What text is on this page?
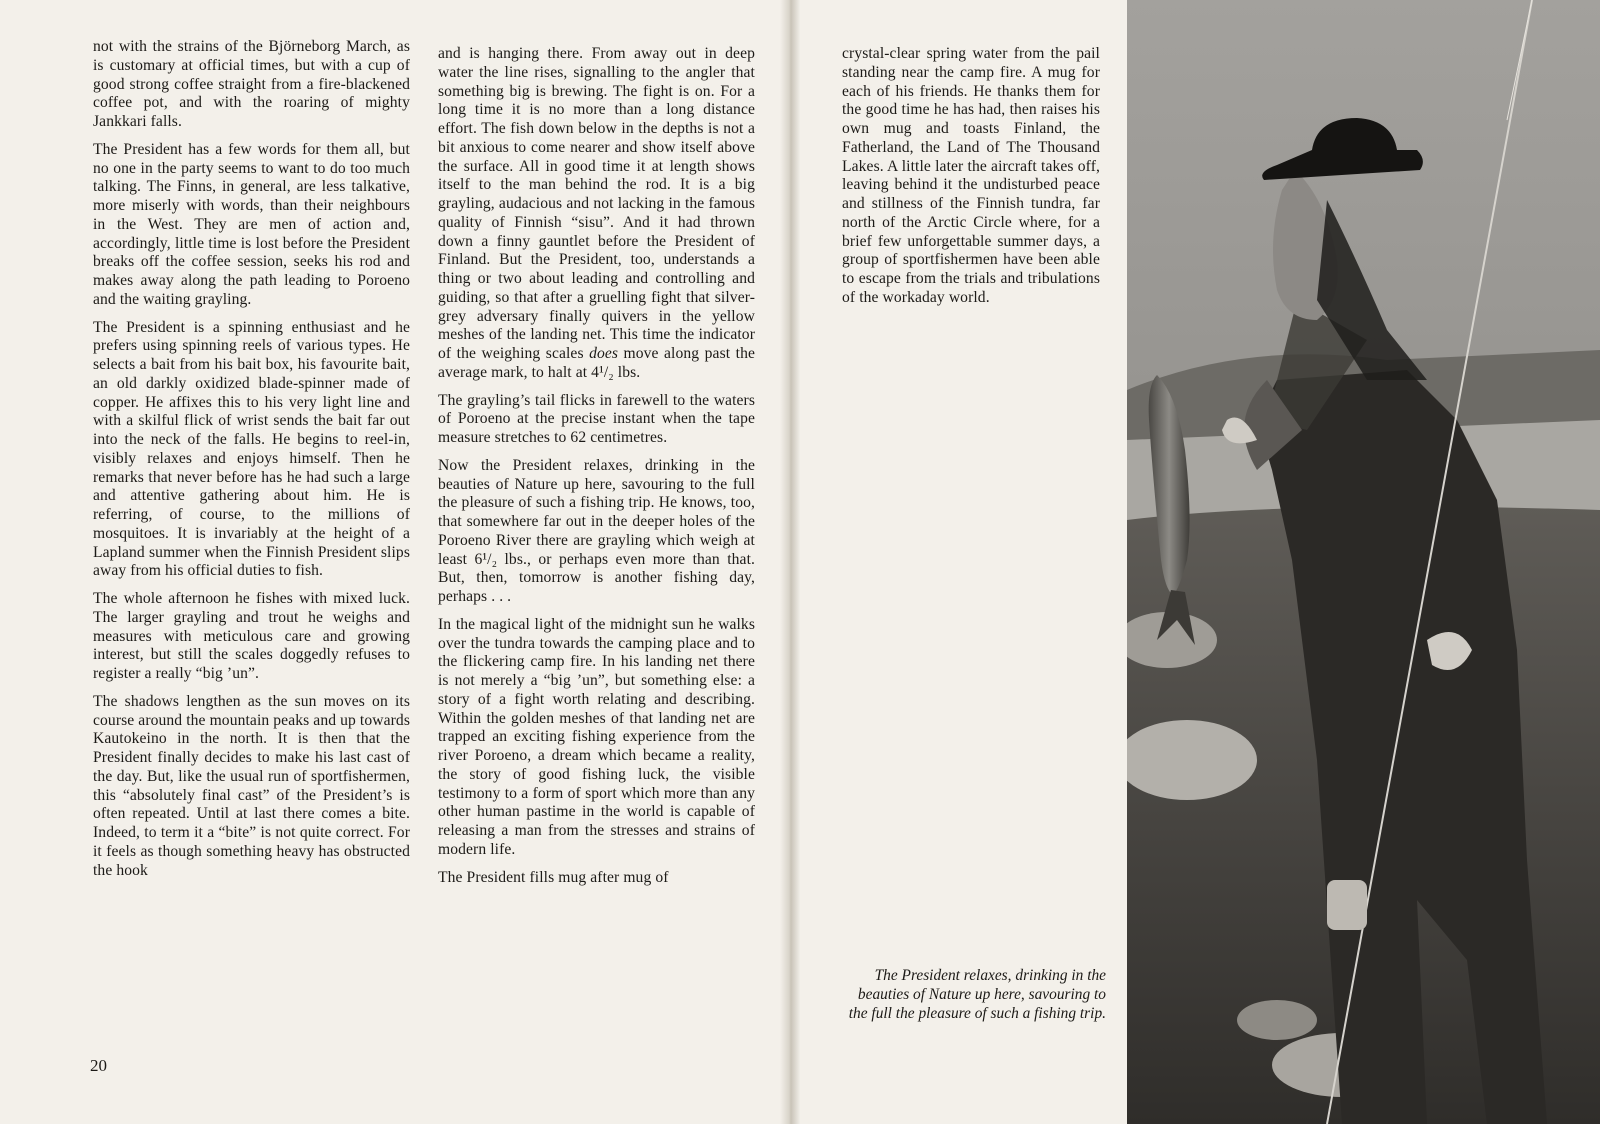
not with the strains of the Björneborg March, as is customary at official times, but with a cup of good strong coffee straight from a fire-blackened coffee pot, and with the roaring of mighty Jankkari falls.

The President has a few words for them all, but no one in the party seems to want to do too much talking. The Finns, in general, are less talkative, more miserly with words, than their neighbours in the West. They are men of action and, accordingly, little time is lost before the President breaks off the coffee session, seeks his rod and makes away along the path leading to Poroeno and the waiting grayling.

The President is a spinning enthusiast and he prefers using spinning reels of various types. He selects a bait from his bait box, his favourite bait, an old darkly oxidized blade-spinner made of copper. He affixes this to his very light line and with a skilful flick of wrist sends the bait far out into the neck of the falls. He begins to reel-in, visibly relaxes and enjoys himself. Then he remarks that never before has he had such a large and attentive gathering about him. He is referring, of course, to the millions of mosquitoes. It is invariably at the height of a Lapland summer when the Finnish President slips away from his official duties to fish.

The whole afternoon he fishes with mixed luck. The larger grayling and trout he weighs and measures with meticulous care and growing interest, but still the scales doggedly refuses to register a really “big ’un”.

The shadows lengthen as the sun moves on its course around the mountain peaks and up towards Kautokeino in the north. It is then that the President finally decides to make his last cast of the day. But, like the usual run of sportfishermen, this “absolutely final cast” of the President’s is often repeated. Until at last there comes a bite. Indeed, to term it a “bite” is not quite correct. For it feels as though something heavy has obstructed the hook

and is hanging there. From away out in deep water the line rises, signalling to the angler that something big is brewing. The fight is on. For a long time it is no more than a long distance effort. The fish down below in the depths is not a bit anxious to come nearer and show itself above the surface. All in good time it at length shows itself to the man behind the rod. It is a big grayling, audacious and not lacking in the famous quality of Finnish “sisu”. And it had thrown down a finny gauntlet before the President of Finland. But the President, too, understands a thing or two about leading and controlling and guiding, so that after a gruelling fight that silver-grey adversary finally quivers in the yellow meshes of the landing net. This time the indicator of the weighing scales does move along past the average mark, to halt at 4¹/₂ lbs.

The grayling’s tail flicks in farewell to the waters of Poroeno at the precise instant when the tape measure stretches to 62 centimetres.

Now the President relaxes, drinking in the beauties of Nature up here, savouring to the full the pleasure of such a fishing trip. He knows, too, that somewhere far out in the deeper holes of the Poroeno River there are grayling which weigh at least 6¹/₂ lbs., or perhaps even more than that. But, then, tomorrow is another fishing day, perhaps . . .

In the magical light of the midnight sun he walks over the tundra towards the camping place and to the flickering camp fire. In his landing net there is not merely a “big ’un”, but something else: a story of a fight worth relating and describing. Within the golden meshes of that landing net are trapped an exciting fishing experience from the river Poroeno, a dream which became a reality, the story of good fishing luck, the visible testimony to a form of sport which more than any other human pastime in the world is capable of releasing a man from the stresses and strains of modern life.

The President fills mug after mug of

20

crystal-clear spring water from the pail standing near the camp fire. A mug for each of his friends. He thanks them for the good time he has had, then raises his own mug and toasts Finland, the Fatherland, the Land of The Thousand Lakes. A little later the aircraft takes off, leaving behind it the undisturbed peace and stillness of the Finnish tundra, far north of the Arctic Circle where, for a brief few unforgettable summer days, a group of sportfishermen have been able to escape from the trials and tribulations of the workaday world.

The President relaxes, drinking in the beauties of Nature up here, savouring to the full the pleasure of such a fishing trip.
